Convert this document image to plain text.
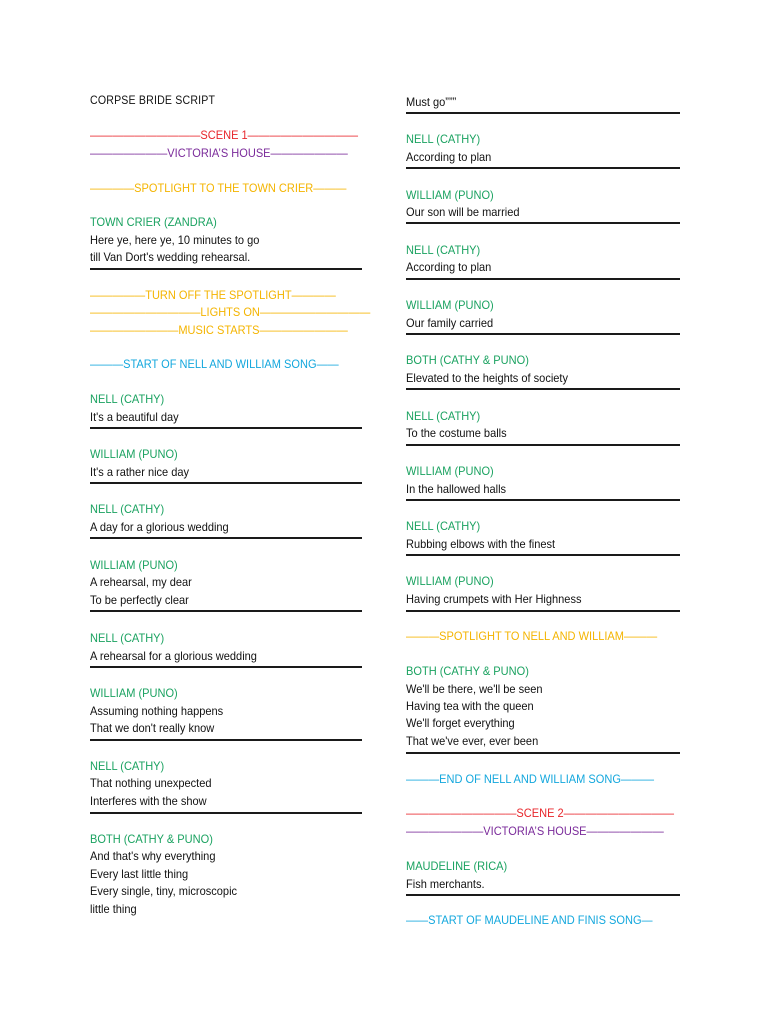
CORPSE BRIDE SCRIPT
——————————SCENE 1——————————
———————VICTORIA’S HOUSE———————
————SPOTLIGHT TO THE TOWN CRIER———
TOWN CRIER (ZANDRA)
Here ye, here ye, 10 minutes to go
till Van Dort's wedding rehearsal.
—————TURN OFF THE SPOTLIGHT————
——————————LIGHTS ON——————————
————————MUSIC STARTS————————
———START OF NELL AND WILLIAM SONG——
NELL (CATHY)
It's a beautiful day
WILLIAM (PUNO)
It's a rather nice day
NELL (CATHY)
A day for a glorious wedding
WILLIAM (PUNO)
A rehearsal, my dear
To be perfectly clear
NELL (CATHY)
A rehearsal for a glorious wedding
WILLIAM (PUNO)
Assuming nothing happens
That we don't really know
NELL (CATHY)
That nothing unexpected
Interferes with the show
BOTH (CATHY & PUNO)
And that's why everything
Every last little thing
Every single, tiny, microscopic
little thing
Must go”””
NELL (CATHY)
According to plan
WILLIAM (PUNO)
Our son will be married
NELL (CATHY)
According to plan
WILLIAM (PUNO)
Our family carried
BOTH (CATHY & PUNO)
Elevated to the heights of society
NELL (CATHY)
To the costume balls
WILLIAM (PUNO)
In the hallowed halls
NELL (CATHY)
Rubbing elbows with the finest
WILLIAM (PUNO)
Having crumpets with Her Highness
———SPOTLIGHT TO NELL AND WILLIAM———
BOTH (CATHY & PUNO)
We'll be there, we'll be seen
Having tea with the queen
We'll forget everything
That we've ever, ever been
———END OF NELL AND WILLIAM SONG———
——————————SCENE 2——————————
———————VICTORIA’S HOUSE———————
MAUDELINE (RICA)
Fish merchants.
——START OF MAUDELINE AND FINIS SONG—
